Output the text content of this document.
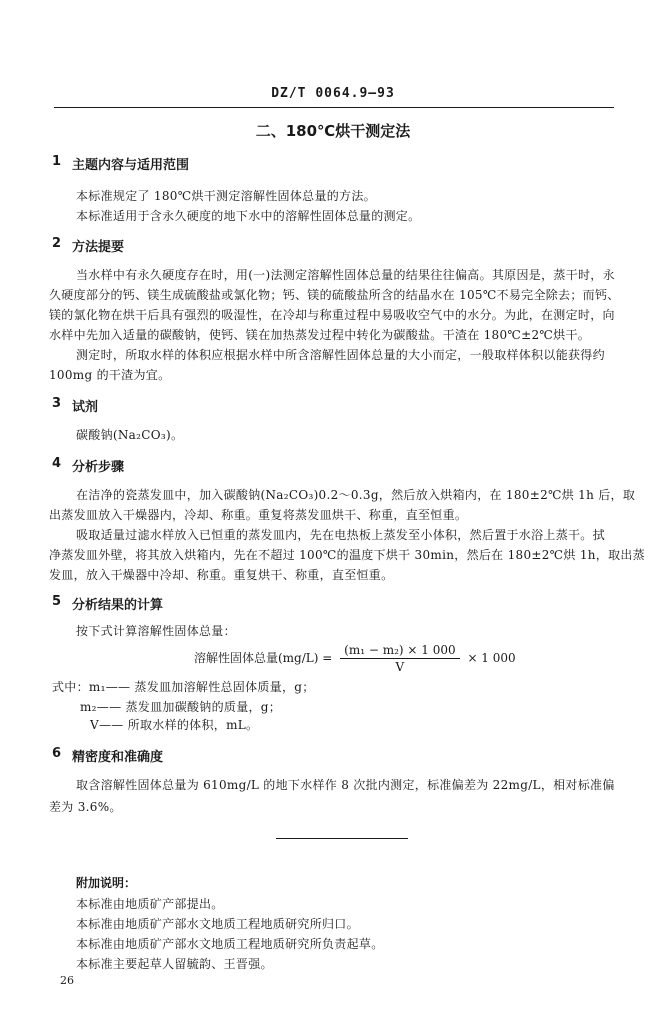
DZ/T 0064.9—93
二、180℃烘干测定法
1 主题内容与适用范围
本标准规定了 180℃烘干测定溶解性固体总量的方法。
本标准适用于含永久硬度的地下水中的溶解性固体总量的测定。
2 方法提要
当水样中有永久硬度存在时，用(一)法测定溶解性固体总量的结果往往偏高。其原因是，蒸干时，永
久硬度部分的钙、镁生成硫酸盐或氯化物；钙、镁的硫酸盐所含的结晶水在 105℃不易完全除去；而钙、
镁的氯化物在烘干后具有强烈的吸湿性，在冷却与称重过程中易吸收空气中的水分。为此，在测定时，向
水样中先加入适量的碳酸钠，使钙、镁在加热蒸发过程中转化为碳酸盐。干渣在 180℃±2℃烘干。
测定时，所取水样的体积应根据水样中所含溶解性固体总量的大小而定，一般取样体积以能获得约
100mg 的干渣为宜。
3 试剂
碳酸钠(Na₂CO₃)。
4 分析步骤
在洁净的瓷蒸发皿中，加入碳酸钠(Na₂CO₃)0.2～0.3g，然后放入烘箱内，在 180±2℃烘 1h 后，取
出蒸发皿放入干燥器内，冷却、称重。重复将蒸发皿烘干、称重，直至恒重。
吸取适量过滤水样放入已恒重的蒸发皿内，先在电热板上蒸发至小体积，然后置于水浴上蒸干。拭
净蒸发皿外壁，将其放入烘箱内，先在不超过 100℃的温度下烘干 30min，然后在 180±2℃烘 1h，取出蒸
发皿，放入干燥器中冷却、称重。重复烘干、称重，直至恒重。
5 分析结果的计算
按下式计算溶解性固体总量：
溶解性固体总量$(mg/L) = \frac{\text{(m₁ − m₂) × 1 000}}{V} \times 1$ 000
式中：m₁—— 蒸发皿加溶解性总固体质量，g；
m₂—— 蒸发皿加碳酸钠的质量，g；
V—— 所取水样的体积，mL。
6 精密度和准确度
取含溶解性固体总量为 610mg/L 的地下水样作 8 次批内测定，标准偏差为 22mg/L，相对标准偏
差为 3.6%。
附加说明：
本标准由地质矿产部提出。
本标准由地质矿产部水文地质工程地质研究所归口。
本标准由地质矿产部水文地质工程地质研究所负责起草。
本标准主要起草人留毓韵、王晋强。
26
